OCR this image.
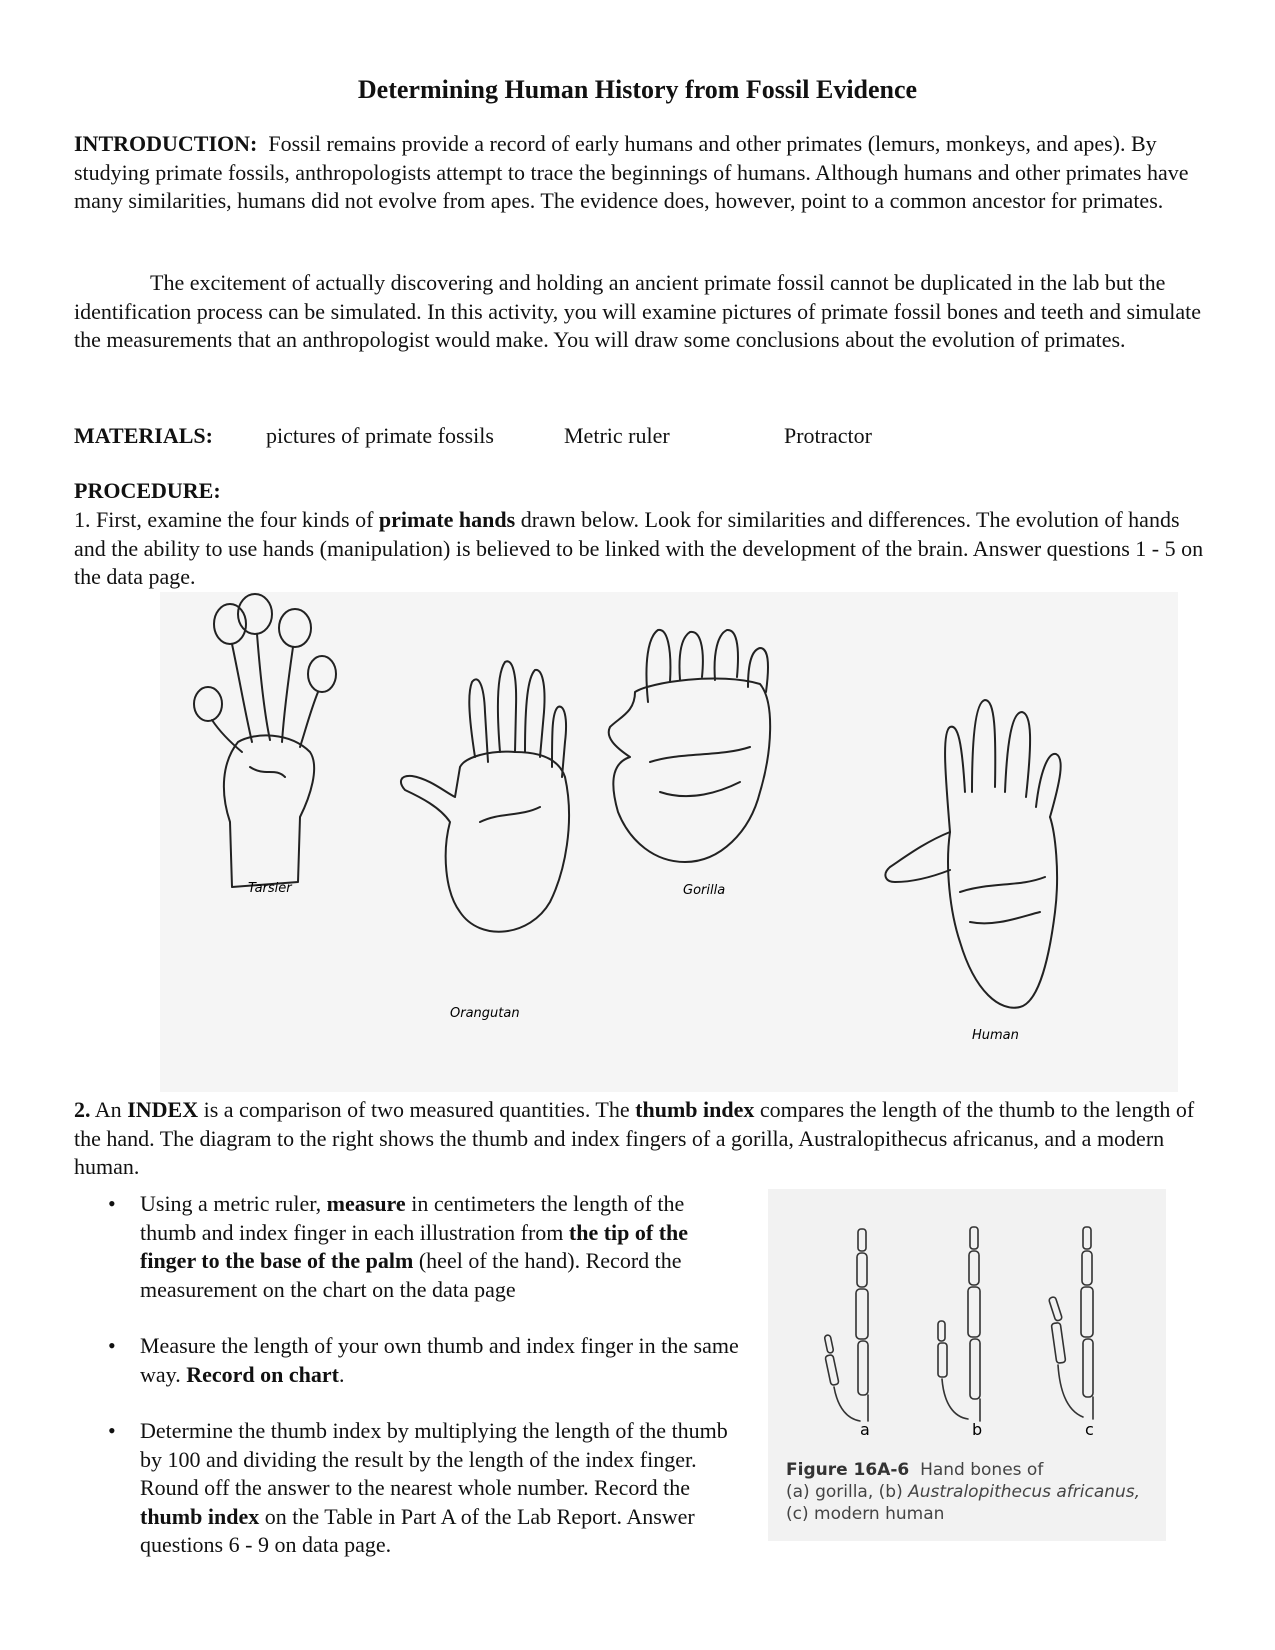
Determining Human History from Fossil Evidence
INTRODUCTION: Fossil remains provide a record of early humans and other primates (lemurs, monkeys, and apes). By studying primate fossils, anthropologists attempt to trace the beginnings of humans. Although humans and other primates have many similarities, humans did not evolve from apes. The evidence does, however, point to a common ancestor for primates.
The excitement of actually discovering and holding an ancient primate fossil cannot be duplicated in the lab but the identification process can be simulated. In this activity, you will examine pictures of primate fossil bones and teeth and simulate the measurements that an anthropologist would make. You will draw some conclusions about the evolution of primates.
MATERIALS: pictures of primate fossils	Metric ruler	Protractor
PROCEDURE:
1. First, examine the four kinds of primate hands drawn below. Look for similarities and differences. The evolution of hands and the ability to use hands (manipulation) is believed to be linked with the development of the brain. Answer questions 1 - 5 on the data page.
Tarsier
Orangutan
Gorilla
Human
2. An INDEX is a comparison of two measured quantities. The thumb index compares the length of the thumb to the length of the hand. The diagram to the right shows the thumb and index fingers of a gorilla, Australopithecus africanus, and a modern human.
• Using a metric ruler, measure in centimeters the length of the thumb and index finger in each illustration from the tip of the finger to the base of the palm (heel of the hand). Record the measurement on the chart on the data page
• Measure the length of your own thumb and index finger in the same way. Record on chart.
• Determine the thumb index by multiplying the length of the thumb by 100 and dividing the result by the length of the index finger. Round off the answer to the nearest whole number. Record the thumb index on the Table in Part A of the Lab Report. Answer questions 6 - 9 on data page.
a	b	c
Figure 16A-6 Hand bones of
(a) gorilla, (b) Australopithecus africanus,
(c) modern human
